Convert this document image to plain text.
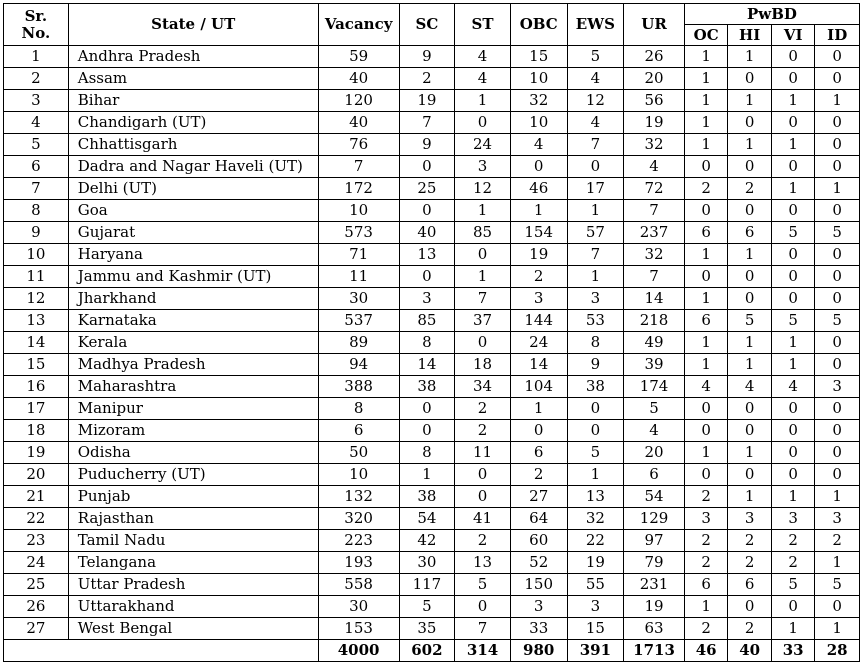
Sr.
No.	State / UT	Vacancy	SC	ST	OBC	EWS	UR	PwBD			
								OC	HI	VI	ID
1	Andhra Pradesh	59	9	4	15	5	26	1	1	0	0
2	Assam	40	2	4	10	4	20	1	0	0	0
3	Bihar	120	19	1	32	12	56	1	1	1	1
4	Chandigarh (UT)	40	7	0	10	4	19	1	0	0	0
5	Chhattisgarh	76	9	24	4	7	32	1	1	1	0
6	Dadra and Nagar Haveli (UT)	7	0	3	0	0	4	0	0	0	0
7	Delhi (UT)	172	25	12	46	17	72	2	2	1	1
8	Goa	10	0	1	1	1	7	0	0	0	0
9	Gujarat	573	40	85	154	57	237	6	6	5	5
10	Haryana	71	13	0	19	7	32	1	1	0	0
11	Jammu and Kashmir (UT)	11	0	1	2	1	7	0	0	0	0
12	Jharkhand	30	3	7	3	3	14	1	0	0	0
13	Karnataka	537	85	37	144	53	218	6	5	5	5
14	Kerala	89	8	0	24	8	49	1	1	1	0
15	Madhya Pradesh	94	14	18	14	9	39	1	1	1	0
16	Maharashtra	388	38	34	104	38	174	4	4	4	3
17	Manipur	8	0	2	1	0	5	0	0	0	0
18	Mizoram	6	0	2	0	0	4	0	0	0	0
19	Odisha	50	8	11	6	5	20	1	1	0	0
20	Puducherry (UT)	10	1	0	2	1	6	0	0	0	0
21	Punjab	132	38	0	27	13	54	2	1	1	1
22	Rajasthan	320	54	41	64	32	129	3	3	3	3
23	Tamil Nadu	223	42	2	60	22	97	2	2	2	2
24	Telangana	193	30	13	52	19	79	2	2	2	1
25	Uttar Pradesh	558	117	5	150	55	231	6	6	5	5
26	Uttarakhand	30	5	0	3	3	19	1	0	0	0
27	West Bengal	153	35	7	33	15	63	2	2	1	1
		4000	602	314	980	391	1713	46	40	33	28
